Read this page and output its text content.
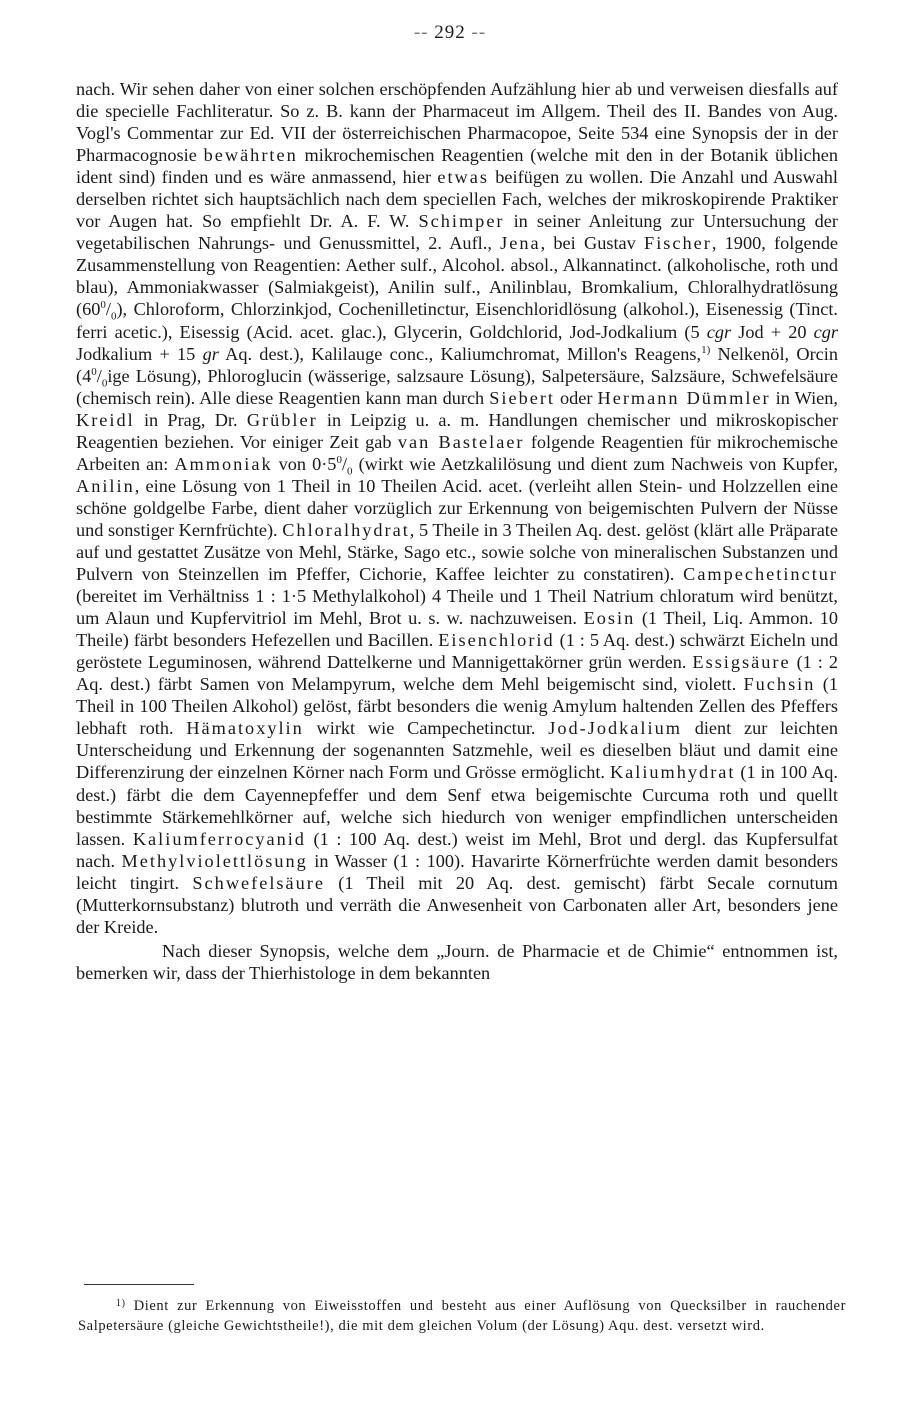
-- 292 --

nach. Wir sehen daher von einer solchen erschöpfenden Aufzählung hier ab und verweisen diesfalls auf die specielle Fachliteratur. So z. B. kann der Pharmaceut im Allgem. Theil des II. Bandes von Aug. Vogl's Commentar zur Ed. VII der österreichischen Pharmacopoe, Seite 534 eine Synopsis der in der Pharmacognosie bewährten mikrochemischen Reagentien (welche mit den in der Botanik üblichen ident sind) finden und es wäre anmassend, hier etwas beifügen zu wollen. Die Anzahl und Auswahl derselben richtet sich hauptsächlich nach dem speciellen Fach, welches der mikroskopirende Praktiker vor Augen hat. So empfiehlt Dr. A. F. W. Schimper in seiner Anleitung zur Untersuchung der vegetabilischen Nahrungs- und Genussmittel, 2. Aufl., Jena, bei Gustav Fischer, 1900, folgende Zusammenstellung von Reagentien: Aether sulf., Alcohol. absol., Alkannatinct. (alkoholische, roth und blau), Ammoniakwasser (Salmiakgeist), Anilin sulf., Anilinblau, Bromkalium, Chloralhydratlösung $(60^0/_0)$, Chloroform, Chlorzinkjod, Cochenilletinctur, Eisenchloridlösung (alkohol.), Eisenessig (Tinct. ferri acetic.), Eisessig (Acid. acet. glac.), Glycerin, Goldchlorid, Jod-Jodkalium (5 cgr Jod + 20 cgr Jodkalium + 15 gr Aq. dest.), Kalilauge conc., Kaliumchromat, Millon's Reagens,$^{1)}$ Nelkenöl, Orcin ($4^0/_0ige$ Lösung), Phloroglucin (wässerige, salzsaure Lösung), Salpetersäure, Salzsäure, Schwefelsäure (chemisch rein). Alle diese Reagentien kann man durch Siebert oder Hermann Dümmler in Wien, Kreidl in Prag, Dr. Grübler in Leipzig u. a. m. Handlungen chemischer und mikroskopischer Reagentien beziehen. Vor einiger Zeit gab van Bastelaer folgende Reagentien für mikrochemische Arbeiten an: Ammoniak von $0\cdot 5^0/_0$ (wirkt wie Aetzkalilösung und dient zum Nachweis von Kupfer, Anilin, eine Lösung von 1 Theil in 10 Theilen Acid. acet. (verleiht allen Stein- und Holzzellen eine schöne goldgelbe Farbe, dient daher vorzüglich zur Erkennung von beigemischten Pulvern der Nüsse und sonstiger Kernfrüchte). Chloralhydrat, 5 Theile in 3 Theilen Aq. dest. gelöst (klärt alle Präparate auf und gestattet Zusätze von Mehl, Stärke, Sago etc., sowie solche von mineralischen Substanzen und Pulvern von Steinzellen im Pfeffer, Cichorie, Kaffee leichter zu constatiren). Campechetinctur (bereitet im Verhältniss 1 : 1·5 Methylalkohol) 4 Theile und 1 Theil Natrium chloratum wird benützt, um Alaun und Kupfervitriol im Mehl, Brot u. s. w. nachzuweisen. Eosin (1 Theil, Liq. Ammon. 10 Theile) färbt besonders Hefezellen und Bacillen. Eisenchlorid (1 : 5 Aq. dest.) schwärzt Eicheln und geröstete Leguminosen, während Dattelkerne und Mannigettakörner grün werden. Essigsäure (1 : 2 Aq. dest.) färbt Samen von Melampyrum, welche dem Mehl beigemischt sind, violett. Fuchsin (1 Theil in 100 Theilen Alkohol) gelöst, färbt besonders die wenig Amylum haltenden Zellen des Pfeffers lebhaft roth. Hämatoxylin wirkt wie Campechetinctur. Jod-Jodkalium dient zur leichten Unterscheidung und Erkennung der sogenannten Satzmehle, weil es dieselben bläut und damit eine Differenzirung der einzelnen Körner nach Form und Grösse ermöglicht. Kaliumhydrat (1 in 100 Aq. dest.) färbt die dem Cayennepfeffer und dem Senf etwa beigemischte Curcuma roth und quellt bestimmte Stärkemehlkörner auf, welche sich hiedurch von weniger empfindlichen unterscheiden lassen. Kaliumferrocyanid (1 : 100 Aq. dest.) weist im Mehl, Brot und dergl. das Kupfersulfat nach. Methylviolettlösung in Wasser (1 : 100). Havarirte Körnerfrüchte werden damit besonders leicht tingirt. Schwefelsäure (1 Theil mit 20 Aq. dest. gemischt) färbt Secale cornutum (Mutterkornsubstanz) blutroth und verräth die Anwesenheit von Carbonaten aller Art, besonders jene der Kreide.

Nach dieser Synopsis, welche dem „Journ. de Pharmacie et de Chimie“ entnommen ist, bemerken wir, dass der Thierhistologe in dem bekannten

$^{1)}$ Dient zur Erkennung von Eiweisstoffen und besteht aus einer Auflösung von Quecksilber in rauchender Salpetersäure (gleiche Gewichtstheile!), die mit dem gleichen Volum (der Lösung) Aqu. dest. versetzt wird.
